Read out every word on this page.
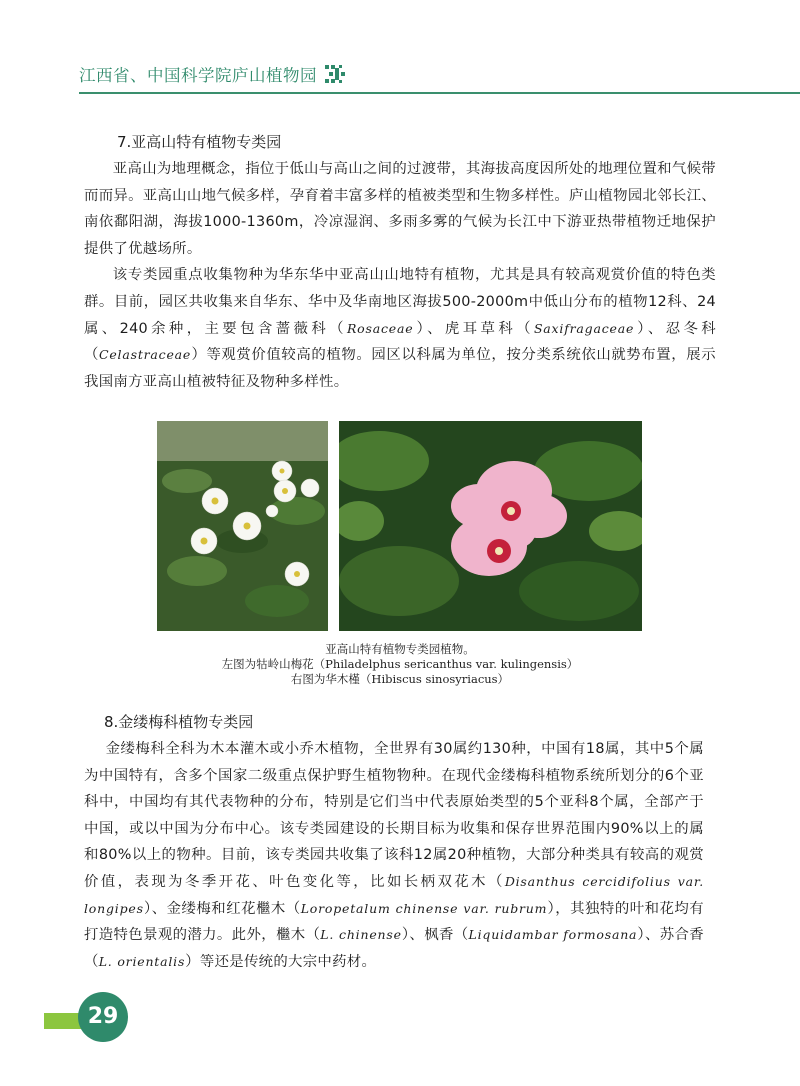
江西省、中国科学院庐山植物园

7.亚高山特有植物专类园

亚高山为地理概念，指位于低山与高山之间的过渡带，其海拔高度因所处的地理位置和气候带而而异。亚高山山地气候多样，孕育着丰富多样的植被类型和生物多样性。庐山植物园北邻长江、南依鄱阳湖，海拔1000-1360m，冷凉湿润、多雨多雾的气候为长江中下游亚热带植物迁地保护提供了优越场所。

该专类园重点收集物种为华东华中亚高山山地特有植物，尤其是具有较高观赏价值的特色类群。目前，园区共收集来自华东、华中及华南地区海拔500-2000m中低山分布的植物12科、24属、240余种，主要包含蔷薇科（Rosaceae）、虎耳草科（Saxifragaceae）、忍冬科（Celastraceae）等观赏价值较高的植物。园区以科属为单位，按分类系统依山就势布置，展示我国南方亚高山植被特征及物种多样性。

亚高山特有植物专类园植物。
左图为牯岭山梅花（Philadelphus sericanthus var. kulingensis）
右图为华木槿（Hibiscus sinosyriacus）

8.金缕梅科植物专类园

金缕梅科全科为木本灌木或小乔木植物，全世界有30属约130种，中国有18属，其中5个属为中国特有，含多个国家二级重点保护野生植物物种。在现代金缕梅科植物系统所划分的6个亚科中，中国均有其代表物种的分布，特别是它们当中代表原始类型的5个亚科8个属，全部产于中国，或以中国为分布中心。该专类园建设的长期目标为收集和保存世界范围内90%以上的属和80%以上的物种。目前，该专类园共收集了该科12属20种植物，大部分种类具有较高的观赏价值，表现为冬季开花、叶色变化等，比如长柄双花木（Disanthus cercidifolius var. longipes）、金缕梅和红花檵木（Loropetalum chinense var. rubrum），其独特的叶和花均有打造特色景观的潜力。此外，檵木（L. chinense）、枫香（Liquidambar formosana）、苏合香（L. orientalis）等还是传统的大宗中药材。

29
